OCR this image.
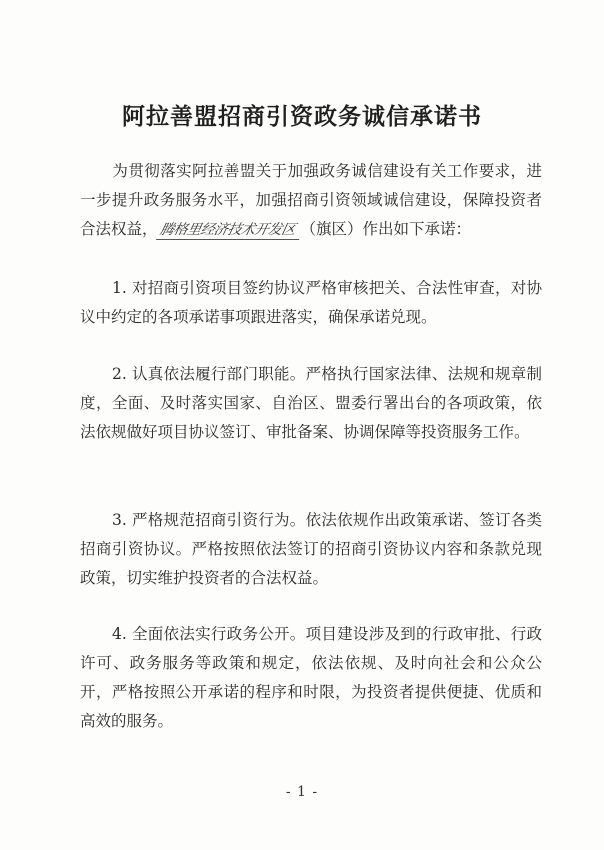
阿拉善盟招商引资政务诚信承诺书
为贯彻落实阿拉善盟关于加强政务诚信建设有关工作要求，进一步提升政务服务水平，加强招商引资领域诚信建设，保障投资者合法权益，腾格里经济技术开发区 （旗区）作出如下承诺：
1. 对招商引资项目签约协议严格审核把关、合法性审查，对协议中约定的各项承诺事项跟进落实，确保承诺兑现。
2. 认真依法履行部门职能。严格执行国家法律、法规和规章制度，全面、及时落实国家、自治区、盟委行署出台的各项政策，依法依规做好项目协议签订、审批备案、协调保障等投资服务工作。
3. 严格规范招商引资行为。依法依规作出政策承诺、签订各类招商引资协议。严格按照依法签订的招商引资协议内容和条款兑现政策，切实维护投资者的合法权益。
4. 全面依法实行政务公开。项目建设涉及到的行政审批、行政许可、政务服务等政策和规定，依法依规、及时向社会和公众公开，严格按照公开承诺的程序和时限，为投资者提供便捷、优质和高效的服务。
- 1 -
